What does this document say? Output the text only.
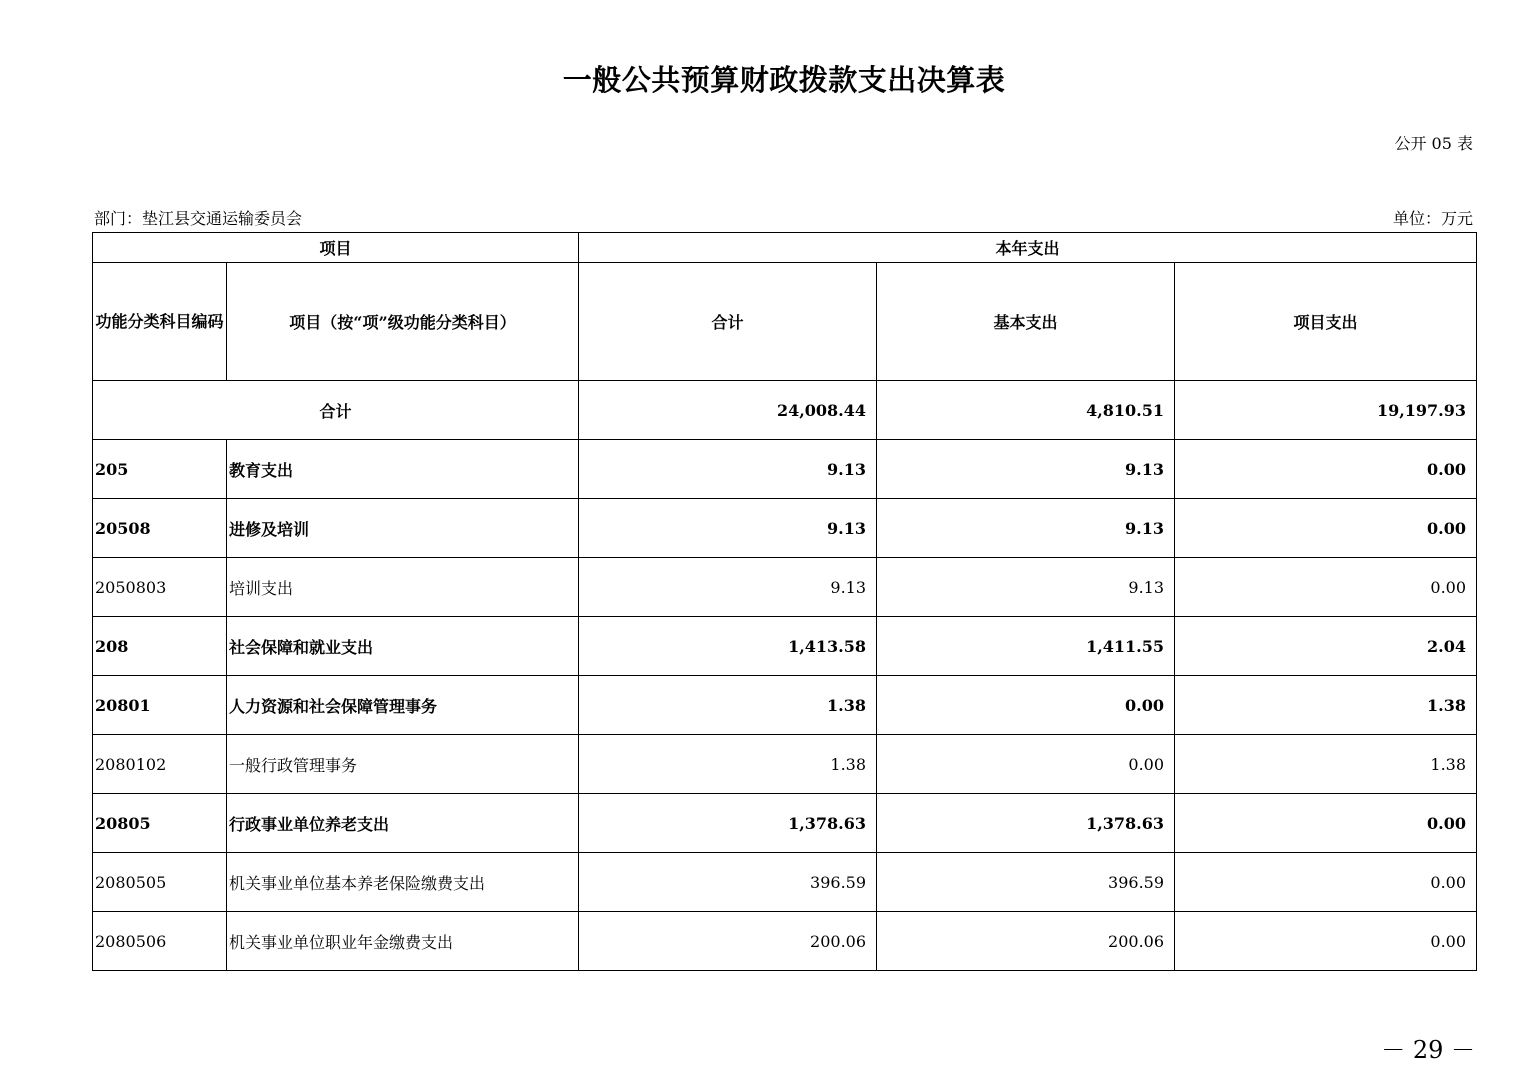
一般公共预算财政拨款支出决算表
公开 05 表
部门：垫江县交通运输委员会	单位：万元
项目		本年支出		
功能分类科目编码	项目（按“项”级功能分类科目）	合计	基本支出	项目支出
合计		24,008.44	4,810.51	19,197.93
205	教育支出	9.13	9.13	0.00
20508	进修及培训	9.13	9.13	0.00
2050803	培训支出	9.13	9.13	0.00
208	社会保障和就业支出	1,413.58	1,411.55	2.04
20801	人力资源和社会保障管理事务	1.38	0.00	1.38
2080102	一般行政管理事务	1.38	0.00	1.38
20805	行政事业单位养老支出	1,378.63	1,378.63	0.00
2080505	机关事业单位基本养老保险缴费支出	396.59	396.59	0.00
2080506	机关事业单位职业年金缴费支出	200.06	200.06	0.00
－ 29 －
